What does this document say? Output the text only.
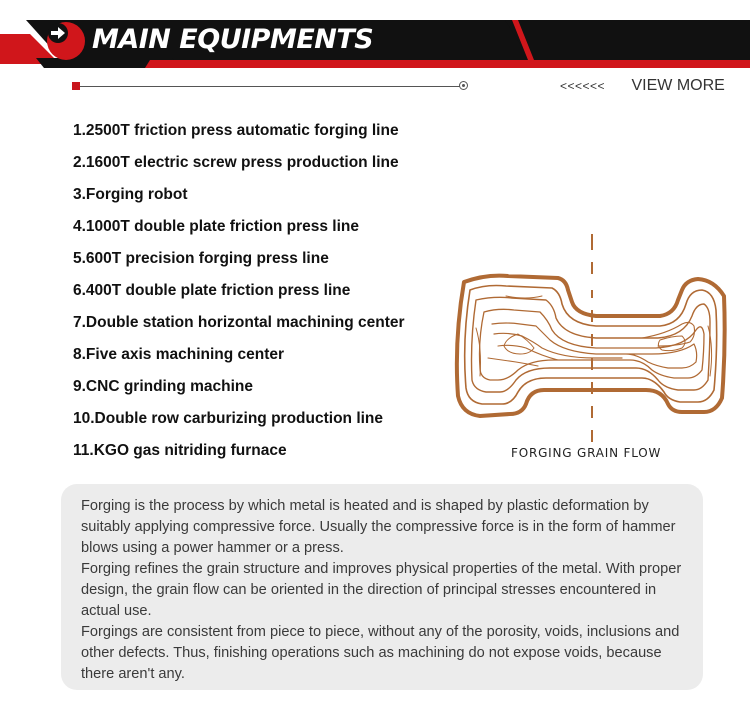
MAIN EQUIPMENTS
<<<<<< VIEW MORE
1.2500T friction press automatic forging line
2.1600T electric screw press production line
3.Forging robot
4.1000T double plate friction press line
5.600T precision forging press line
6.400T double plate friction press line
7.Double station horizontal machining center
8.Five axis machining center
9.CNC grinding machine
10.Double row carburizing production line
11.KGO gas nitriding furnace	FORGING GRAIN FLOW

Forging is the process by which metal is heated and is shaped by plastic deformation by suitably applying compressive force. Usually the compressive force is in the form of hammer blows using a power hammer or a press.

Forging refines the grain structure and improves physical properties of the metal. With proper design, the grain flow can be oriented in the direction of principal stresses encountered in actual use.

Forgings are consistent from piece to piece, without any of the porosity, voids, inclusions and other defects. Thus, finishing operations such as machining do not expose voids, because there aren't any.
